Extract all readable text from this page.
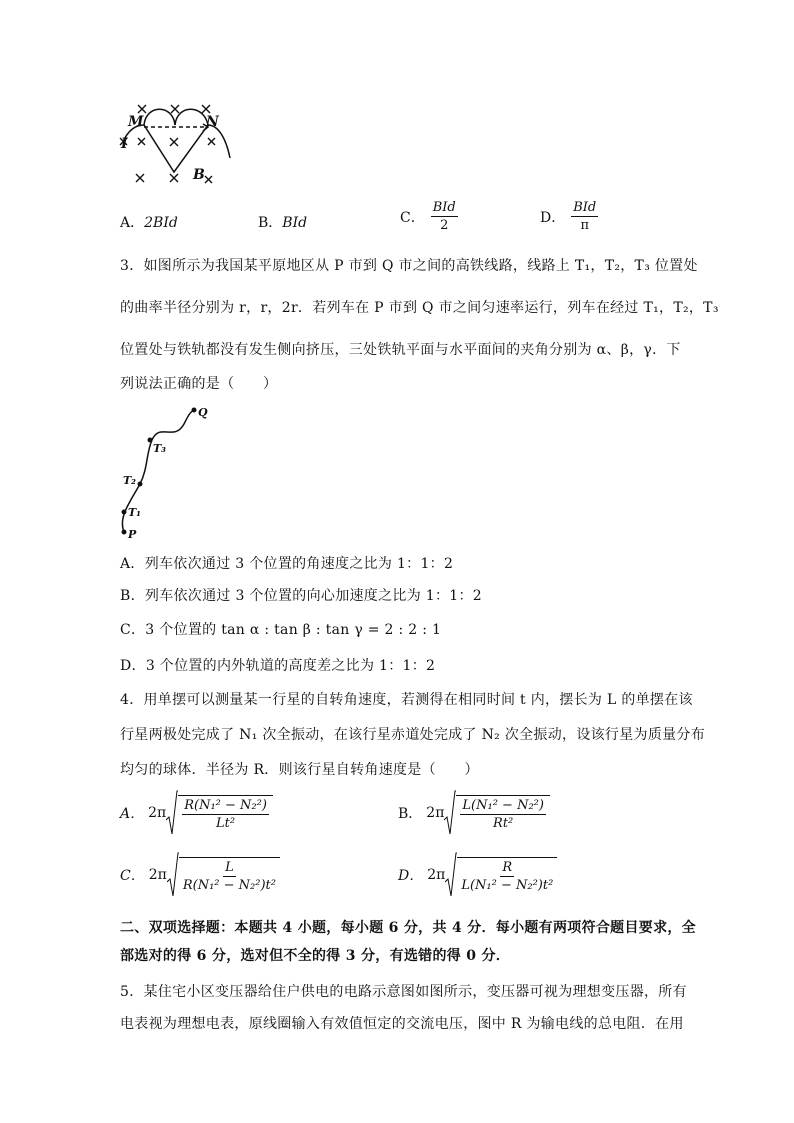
M	N
I
B
A．2BId	B．BId	C． $\frac{\text{BId}}{2}$	D． $\frac{\text{BId}}{\pi}$
3．如图所示为我国某平原地区从 P 市到 Q 市之间的高铁线路，线路上 T₁，T₂，T₃ 位置处
的曲率半径分别为 r，r，2r．若列车在 P 市到 Q 市之间匀速率运行，列车在经过 T₁，T₂，T₃
位置处与铁轨都没有发生侧向挤压，三处铁轨平面与水平面间的夹角分别为 α、β，γ．下
列说法正确的是（　　）
Q
T₃
T₂
T₁
P
A．列车依次通过 3 个位置的角速度之比为 1：1：2
B．列车依次通过 3 个位置的向心加速度之比为 1：1：2
C．3 个位置的 tan α : tan β : tan γ = 2 : 2 : 1
D．3 个位置的内外轨道的高度差之比为 1：1：2
4．用单摆可以测量某一行星的自转角速度，若测得在相同时间 t 内，摆长为 L 的单摆在该
行星两极处完成了 N₁ 次全振动，在该行星赤道处完成了 N₂ 次全振动，设该行星为质量分布
均匀的球体．半径为 R．则该行星自转角速度是（　　）
A． $2\pi \frac{\text{R(N₁² − N₂²)}}{\text{Lt²}}$	B． $2\pi \frac{\text{L(N₁² − N₂²)}}{\text{Rt²}}$
C． $2\pi \frac{L}{\text{R(N₁² − N₂²)t²}}$	D． $2\pi \frac{R}{\text{L(N₁² − N₂²)t²}}$
二、双项选择题：本题共 4 小题，每小题 6 分，共 4 分．每小题有两项符合题目要求，全
部选对的得 6 分，选对但不全的得 3 分，有选错的得 0 分．
5．某住宅小区变压器给住户供电的电路示意图如图所示，变压器可视为理想变压器，所有
电表视为理想电表，原线圈输入有效值恒定的交流电压，图中 R 为输电线的总电阻．在用
